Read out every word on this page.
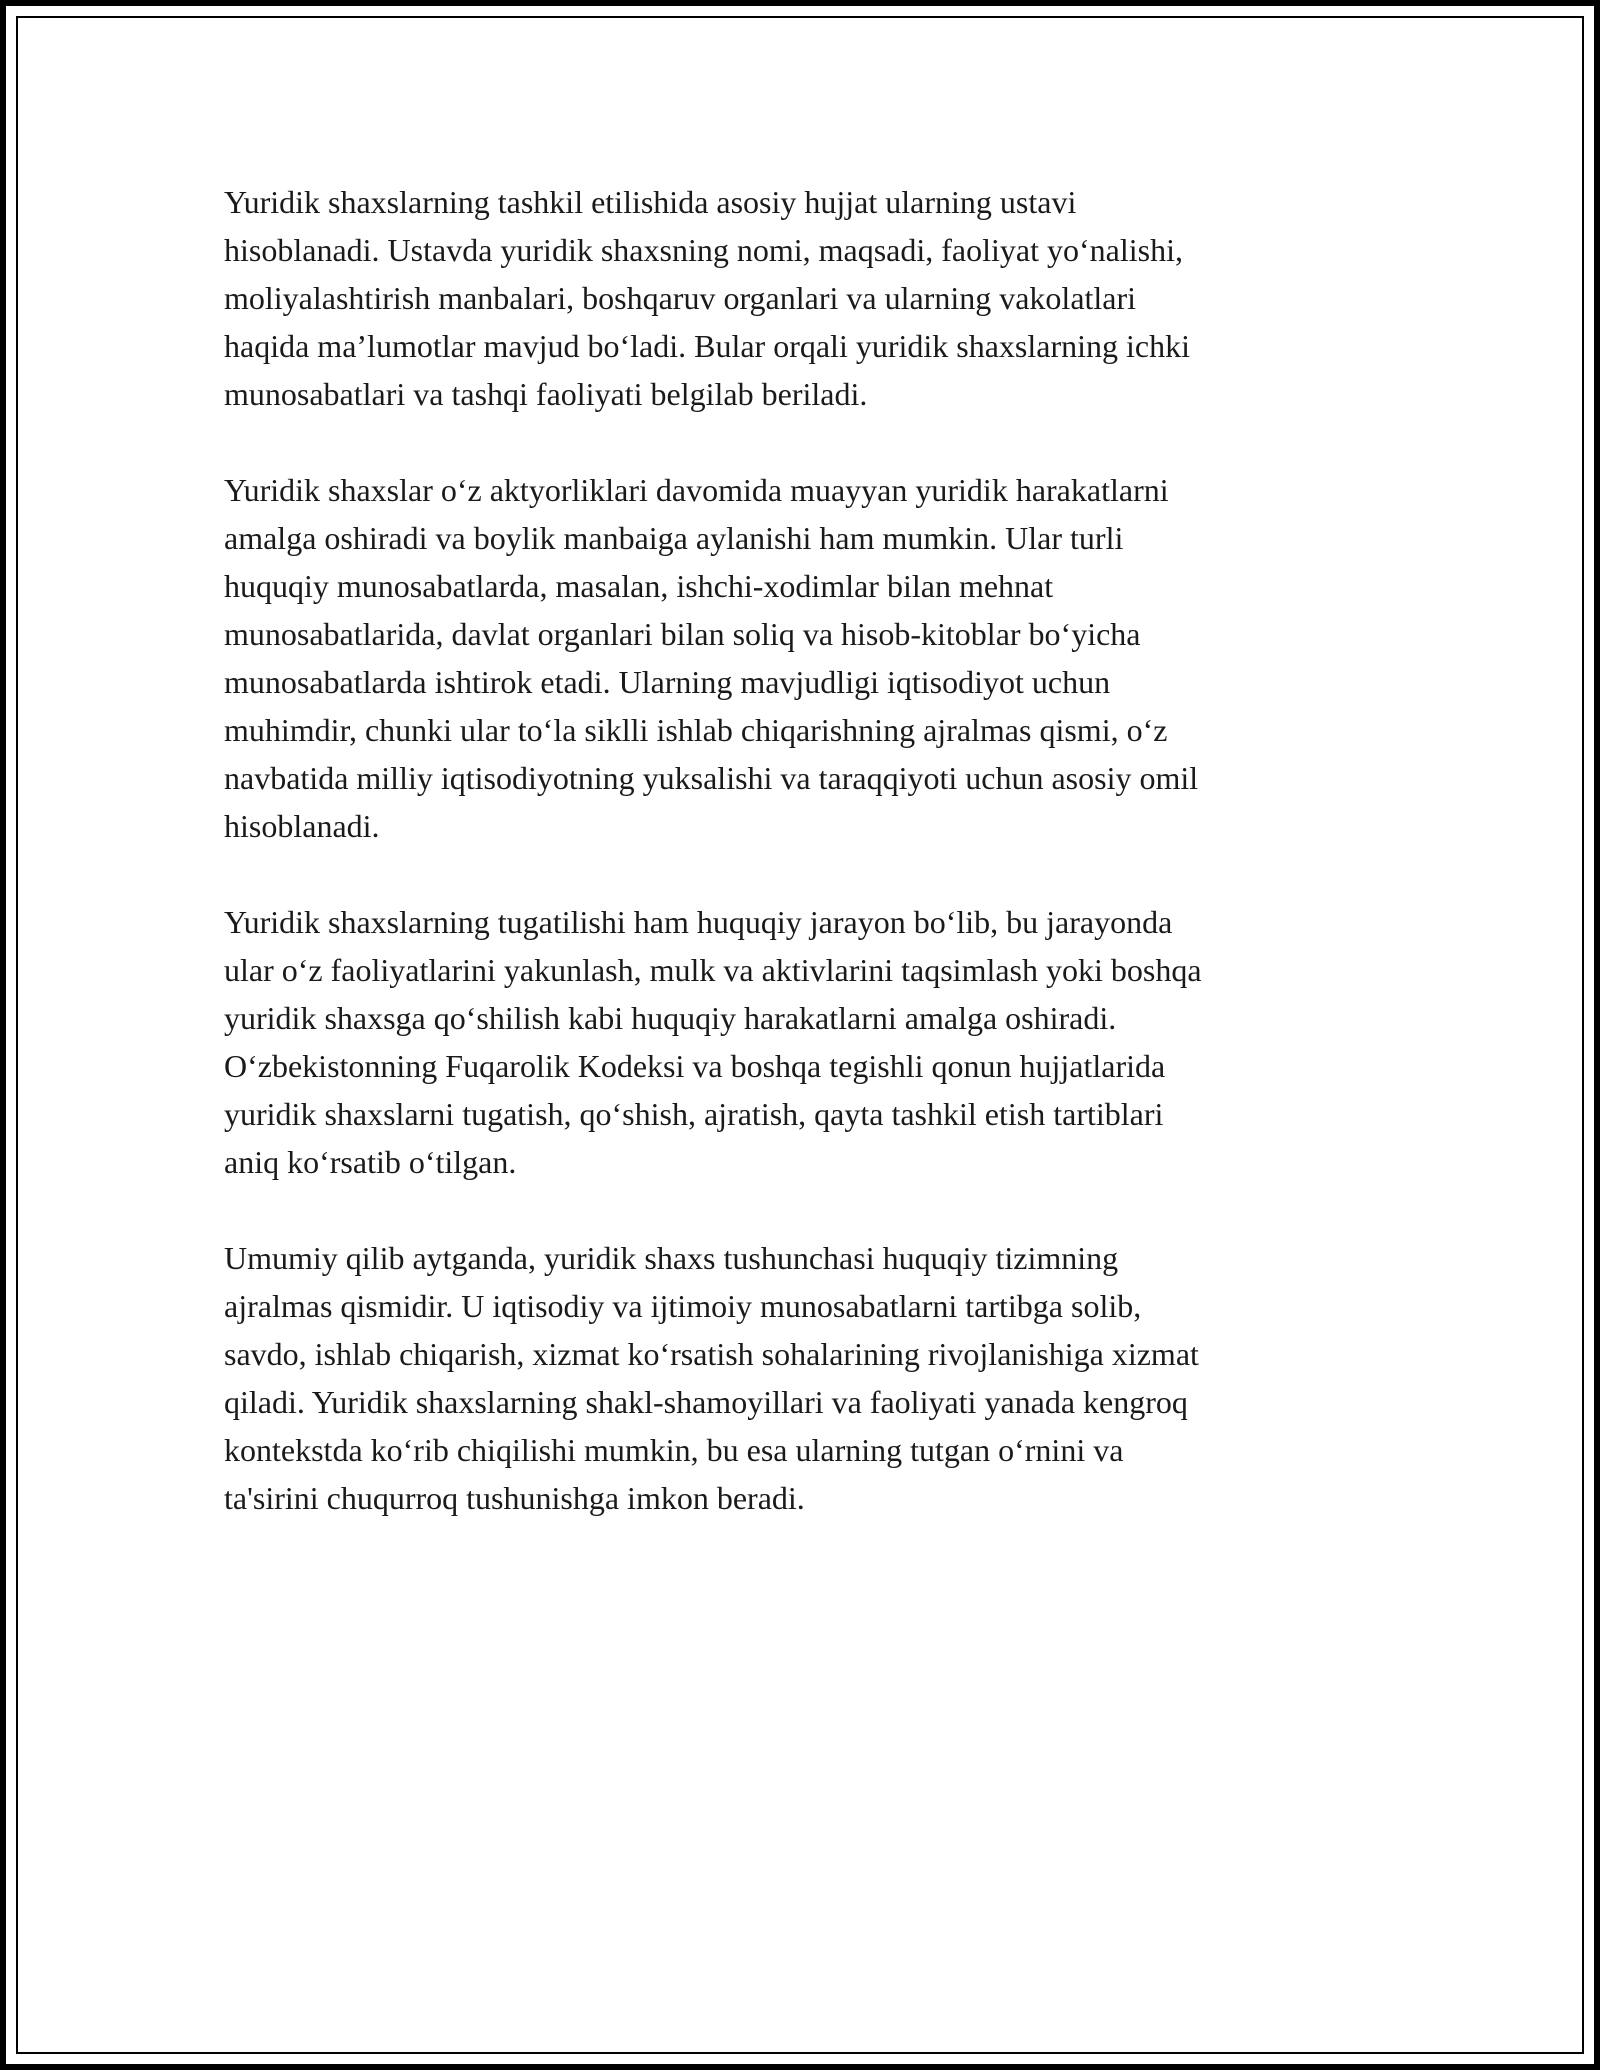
Yuridik shaxslarning tashkil etilishida asosiy hujjat ularning ustavi
hisoblanadi. Ustavda yuridik shaxsning nomi, maqsadi, faoliyat yo‘nalishi,
moliyalashtirish manbalari, boshqaruv organlari va ularning vakolatlari
haqida ma’lumotlar mavjud bo‘ladi. Bular orqali yuridik shaxslarning ichki
munosabatlari va tashqi faoliyati belgilab beriladi.

Yuridik shaxslar o‘z aktyorliklari davomida muayyan yuridik harakatlarni
amalga oshiradi va boylik manbaiga aylanishi ham mumkin. Ular turli
huquqiy munosabatlarda, masalan, ishchi-xodimlar bilan mehnat
munosabatlarida, davlat organlari bilan soliq va hisob-kitoblar bo‘yicha
munosabatlarda ishtirok etadi. Ularning mavjudligi iqtisodiyot uchun
muhimdir, chunki ular to‘la siklli ishlab chiqarishning ajralmas qismi, o‘z
navbatida milliy iqtisodiyotning yuksalishi va taraqqiyoti uchun asosiy omil
hisoblanadi.

Yuridik shaxslarning tugatilishi ham huquqiy jarayon bo‘lib, bu jarayonda
ular o‘z faoliyatlarini yakunlash, mulk va aktivlarini taqsimlash yoki boshqa
yuridik shaxsga qo‘shilish kabi huquqiy harakatlarni amalga oshiradi.
O‘zbekistonning Fuqarolik Kodeksi va boshqa tegishli qonun hujjatlarida
yuridik shaxslarni tugatish, qo‘shish, ajratish, qayta tashkil etish tartiblari
aniq ko‘rsatib o‘tilgan.

Umumiy qilib aytganda, yuridik shaxs tushunchasi huquqiy tizimning
ajralmas qismidir. U iqtisodiy va ijtimoiy munosabatlarni tartibga solib,
savdo, ishlab chiqarish, xizmat ko‘rsatish sohalarining rivojlanishiga xizmat
qiladi. Yuridik shaxslarning shakl-shamoyillari va faoliyati yanada kengroq
kontekstda ko‘rib chiqilishi mumkin, bu esa ularning tutgan o‘rnini va
ta'sirini chuqurroq tushunishga imkon beradi.
